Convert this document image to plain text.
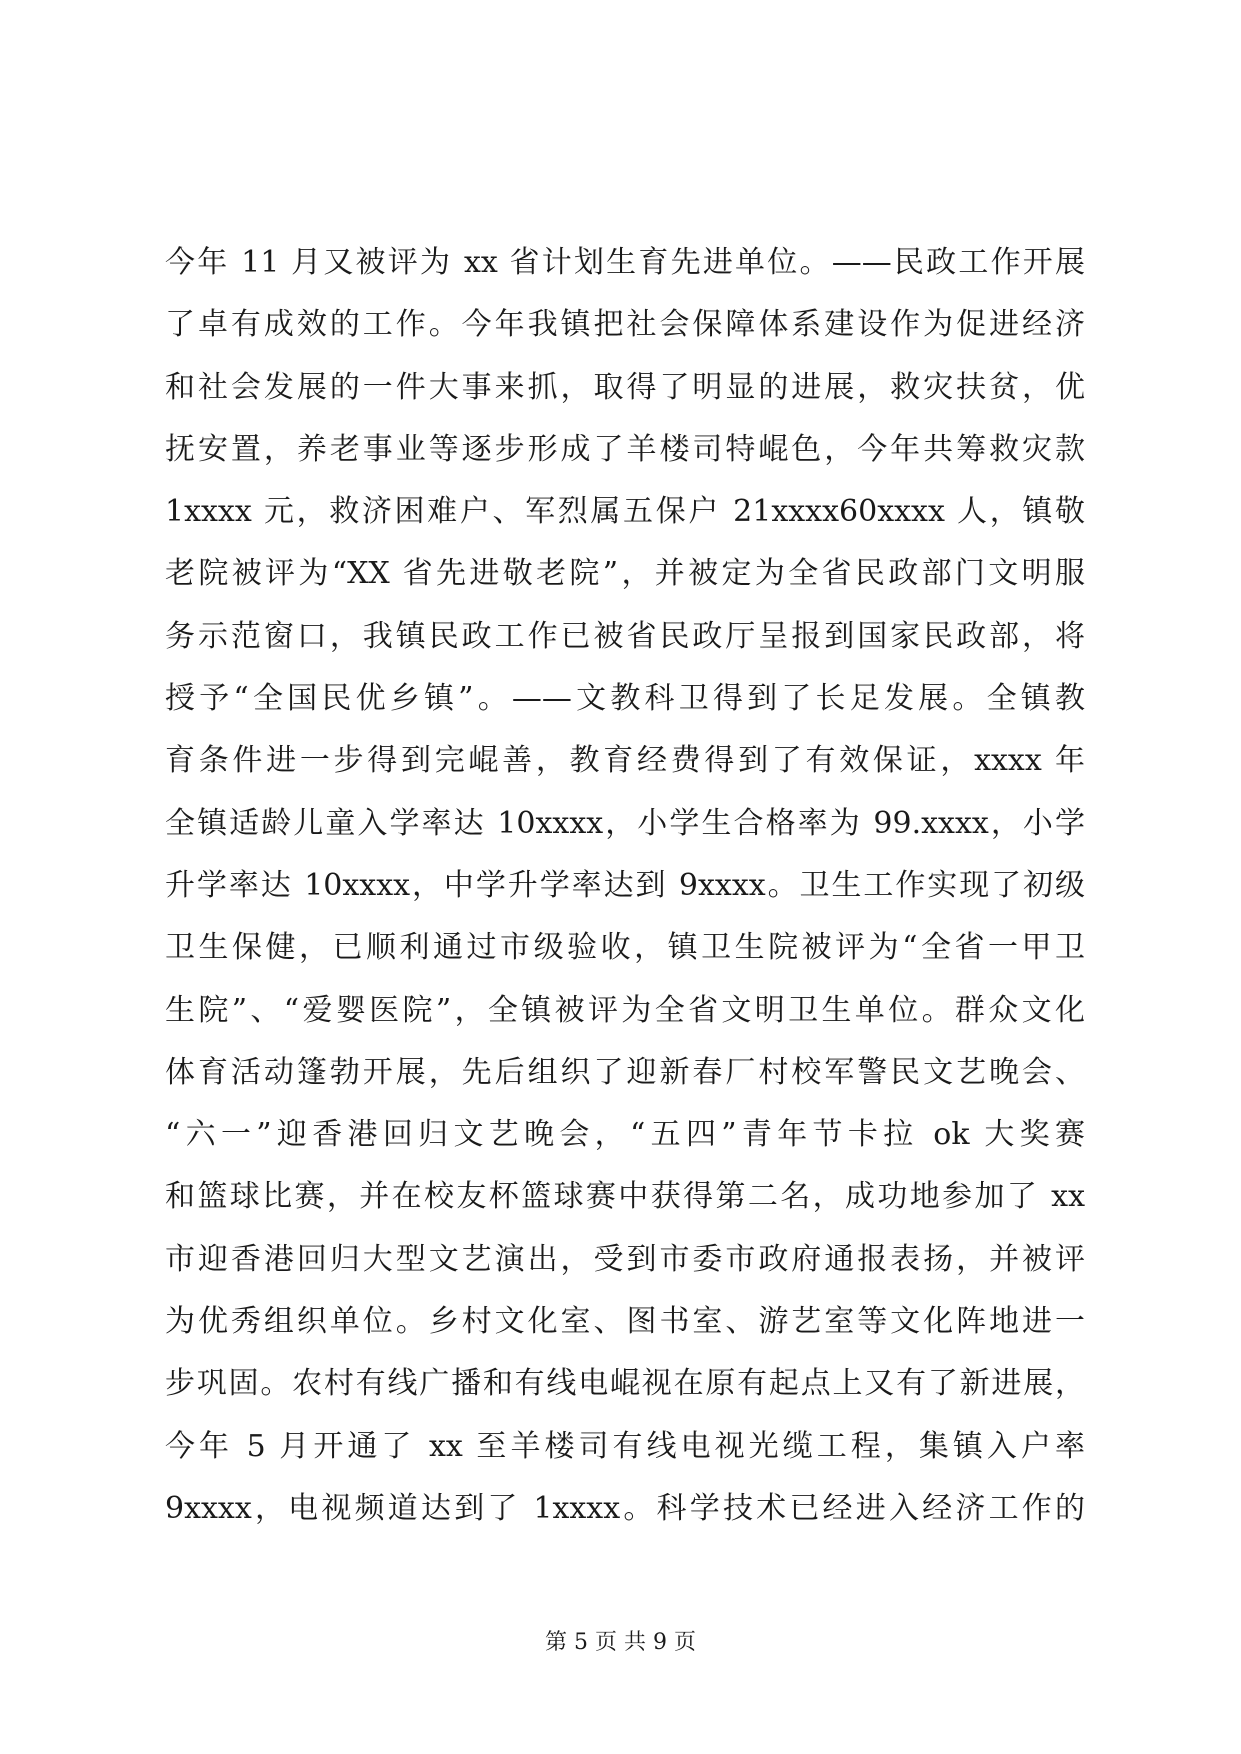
今年 11 月又被评为 xx 省计划生育先进单位。——民政工作开展
了卓有成效的工作。今年我镇把社会保障体系建设作为促进经济
和社会发展的一件大事来抓，取得了明显的进展，救灾扶贫，优
抚安置，养老事业等逐步形成了羊楼司特崐色，今年共筹救灾款
1xxxx 元，救济困难户、军烈属五保户 21xxxx60xxxx 人，镇敬
老院被评为“XX 省先进敬老院”，并被定为全省民政部门文明服
务示范窗口，我镇民政工作已被省民政厅呈报到国家民政部，将
授予“全国民优乡镇”。——文教科卫得到了长足发展。全镇教
育条件进一步得到完崐善，教育经费得到了有效保证，xxxx 年
全镇适龄儿童入学率达 10xxxx，小学生合格率为 99.xxxx，小学
升学率达 10xxxx，中学升学率达到 9xxxx。卫生工作实现了初级
卫生保健，已顺利通过市级验收，镇卫生院被评为“全省一甲卫
生院”、“爱婴医院”，全镇被评为全省文明卫生单位。群众文化
体育活动篷勃开展，先后组织了迎新春厂村校军警民文艺晚会、
“六一”迎香港回归文艺晚会，“五四”青年节卡拉 ok 大奖赛
和篮球比赛，并在校友杯篮球赛中获得第二名，成功地参加了 xx
市迎香港回归大型文艺演出，受到市委市政府通报表扬，并被评
为优秀组织单位。乡村文化室、图书室、游艺室等文化阵地进一
步巩固。农村有线广播和有线电崐视在原有起点上又有了新进展，
今年 5 月开通了 xx 至羊楼司有线电视光缆工程，集镇入户率
9xxxx，电视频道达到了 1xxxx。科学技术已经进入经济工作的
第 5 页 共 9 页
